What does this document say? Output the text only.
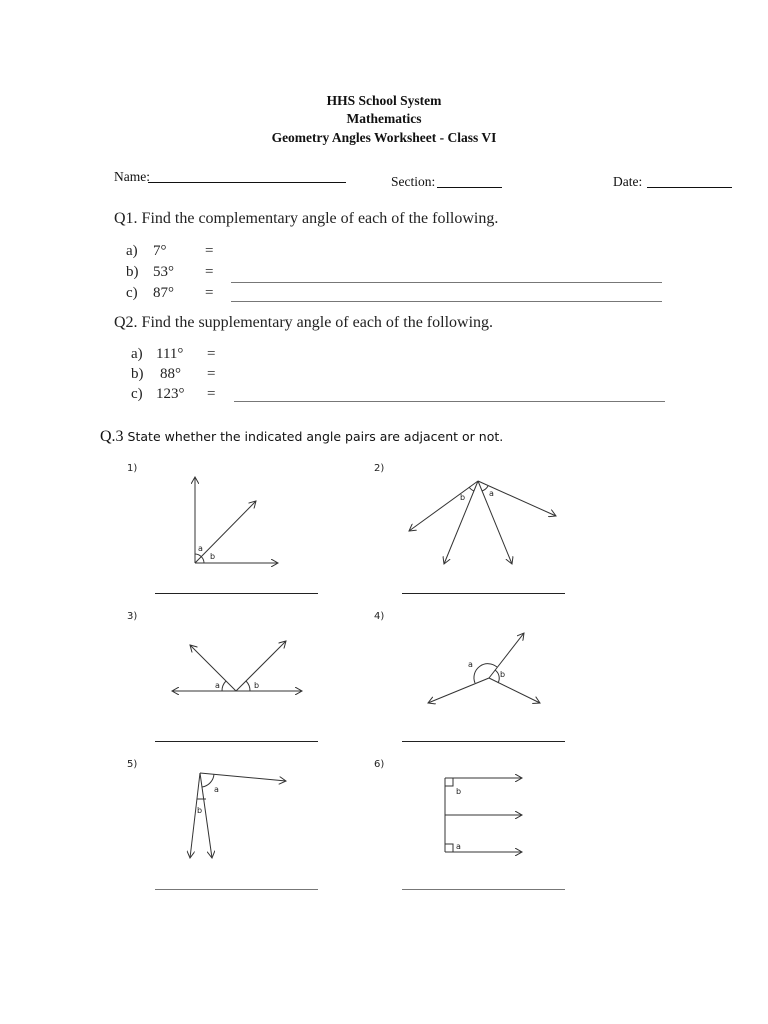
HHS School System
Mathematics
Geometry Angles Worksheet - Class VI
Name:	Section:	Date:
Q1. Find the complementary angle of each of the following.
a) 7°	=
b) 53° =
c) 87° =
Q2. Find the supplementary angle of each of the following.
a) 111° =
b) 88° =
c) 123° =
Q.3 State whether the indicated angle pairs are adjacent or not.
1)	2)
3)	4)
5)	6)
a
b
b	a
a	b
a
b
a
b
b
a
